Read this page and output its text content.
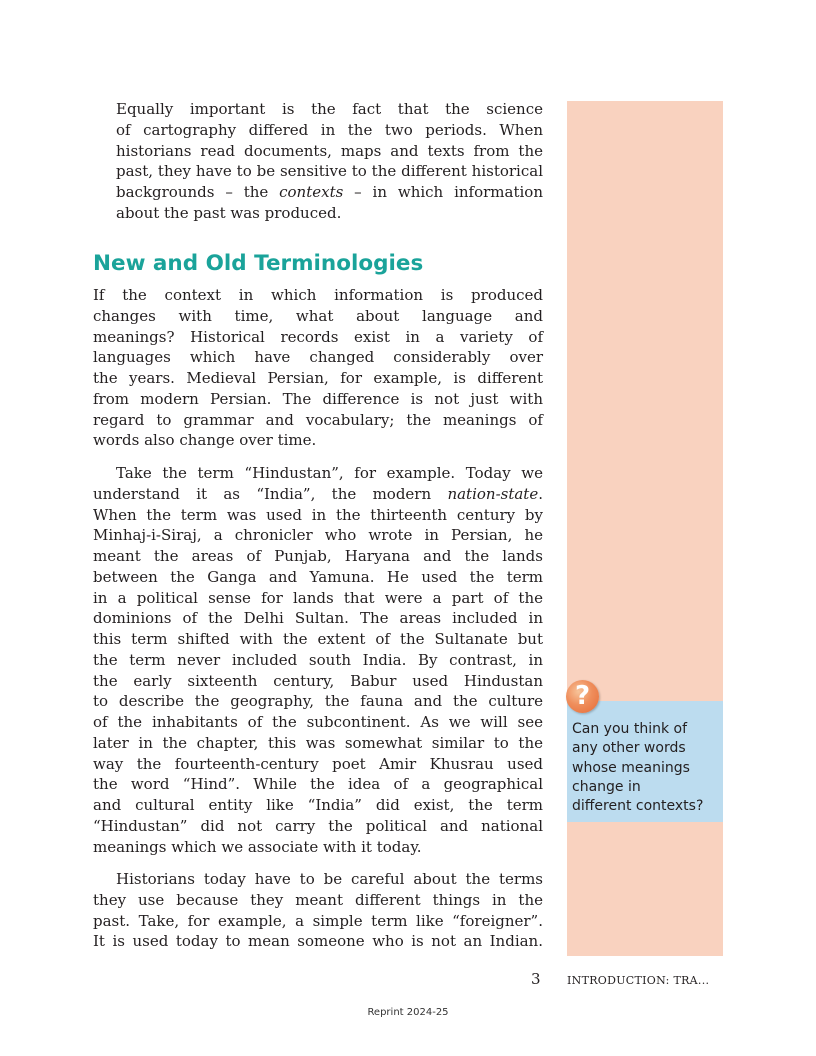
?
Can you think of
any other words
whose meanings
change in
different contexts?
Equally important is the fact that the science
of cartography differed in the two periods. When
historians read documents, maps and texts from the
past, they have to be sensitive to the different historical
backgrounds – the contexts – in which information
about the past was produced.
New and Old Terminologies
If the context in which information is produced
changes with time, what about language and
meanings? Historical records exist in a variety of
languages which have changed considerably over
the years. Medieval Persian, for example, is different
from modern Persian. The difference is not just with
regard to grammar and vocabulary; the meanings of
words also change over time.
Take the term “Hindustan”, for example. Today we
understand it as “India”, the modern nation-state.
When the term was used in the thirteenth century by
Minhaj-i-Siraj, a chronicler who wrote in Persian, he
meant the areas of Punjab, Haryana and the lands
between the Ganga and Yamuna. He used the term
in a political sense for lands that were a part of the
dominions of the Delhi Sultan. The areas included in
this term shifted with the extent of the Sultanate but
the term never included south India. By contrast, in
the early sixteenth century, Babur used Hindustan
to describe the geography, the fauna and the culture
of the inhabitants of the subcontinent. As we will see
later in the chapter, this was somewhat similar to the
way the fourteenth-century poet Amir Khusrau used
the word “Hind”. While the idea of a geographical
and cultural entity like “India” did exist, the term
“Hindustan” did not carry the political and national
meanings which we associate with it today.
Historians today have to be careful about the terms
they use because they meant different things in the
past. Take, for example, a simple term like “foreigner”.
It is used today to mean someone who is not an Indian.
3 INTRODUCTION: TRA...
Reprint 2024-25
